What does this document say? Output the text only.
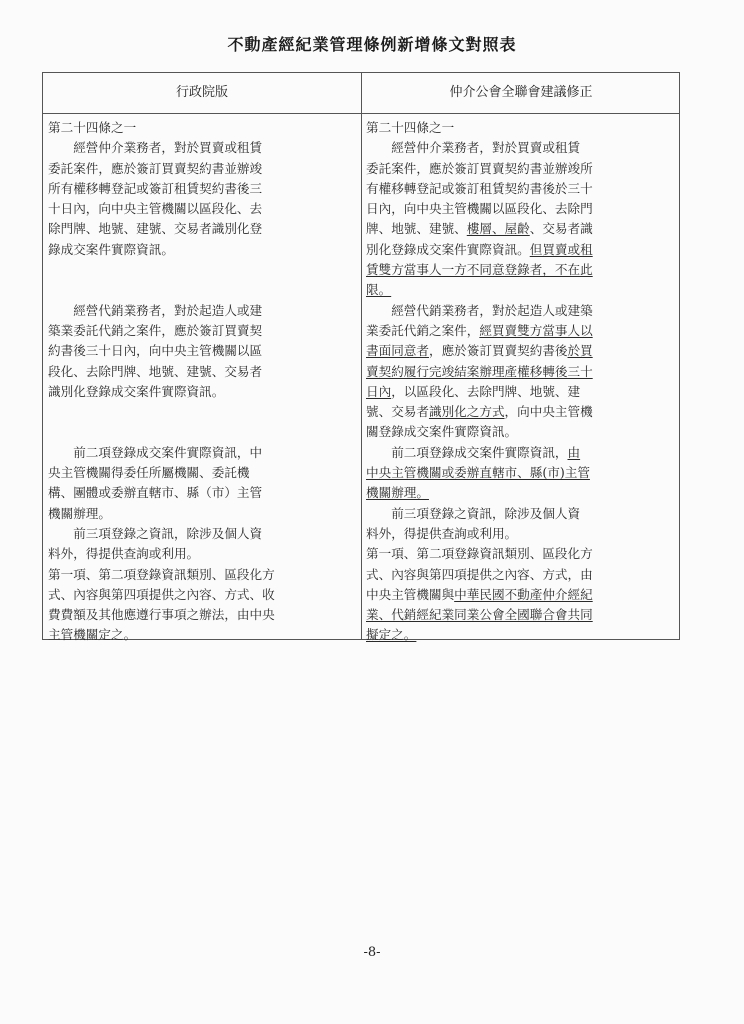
不動產經紀業管理條例新增條文對照表
行政院版	仲介公會全聯會建議修正
第二十四條之一
　　經營仲介業務者，對於買賣或租賃
委託案件，應於簽訂買賣契約書並辦竣
所有權移轉登記或簽訂租賃契約書後三
十日內，向中央主管機關以區段化、去
除門牌、地號、建號、交易者識別化登
錄成交案件實際資訊。
　　經營代銷業務者，對於起造人或建
築業委託代銷之案件，應於簽訂買賣契
約書後三十日內，向中央主管機關以區
段化、去除門牌、地號、建號、交易者
識別化登錄成交案件實際資訊。
　　前二項登錄成交案件實際資訊，中
央主管機關得委任所屬機關、委託機
構、團體或委辦直轄市、縣（市）主管
機關辦理。
　　前三項登錄之資訊，除涉及個人資
料外，得提供查詢或利用。
第一項、第二項登錄資訊類別、區段化方
式、內容與第四項提供之內容、方式、收
費費額及其他應遵行事項之辦法，由中央
主管機關定之。
第二十四條之一
　　經營仲介業務者，對於買賣或租賃
委託案件，應於簽訂買賣契約書並辦竣所
有權移轉登記或簽訂租賃契約書後於三十
日內，向中央主管機關以區段化、去除門
牌、地號、建號、樓層、屋齡、交易者識
別化登錄成交案件實際資訊。但買賣或租
賃雙方當事人一方不同意登錄者，不在此
限。
　　經營代銷業務者，對於起造人或建築
業委託代銷之案件，經買賣雙方當事人以
書面同意者，應於簽訂買賣契約書後於買
賣契約履行完竣結案辦理產權移轉後三十
日內，以區段化、去除門牌、地號、建
號、交易者識別化之方式，向中央主管機
關登錄成交案件實際資訊。
　　前二項登錄成交案件實際資訊，由
中央主管機關或委辦直轄市、縣(市)主管
機關辦理。
　　前三項登錄之資訊，除涉及個人資
料外，得提供查詢或利用。
第一項、第二項登錄資訊類別、區段化方
式、內容與第四項提供之內容、方式，由
中央主管機關與中華民國不動產仲介經紀
業、代銷經紀業同業公會全國聯合會共同
擬定之。
-8-
